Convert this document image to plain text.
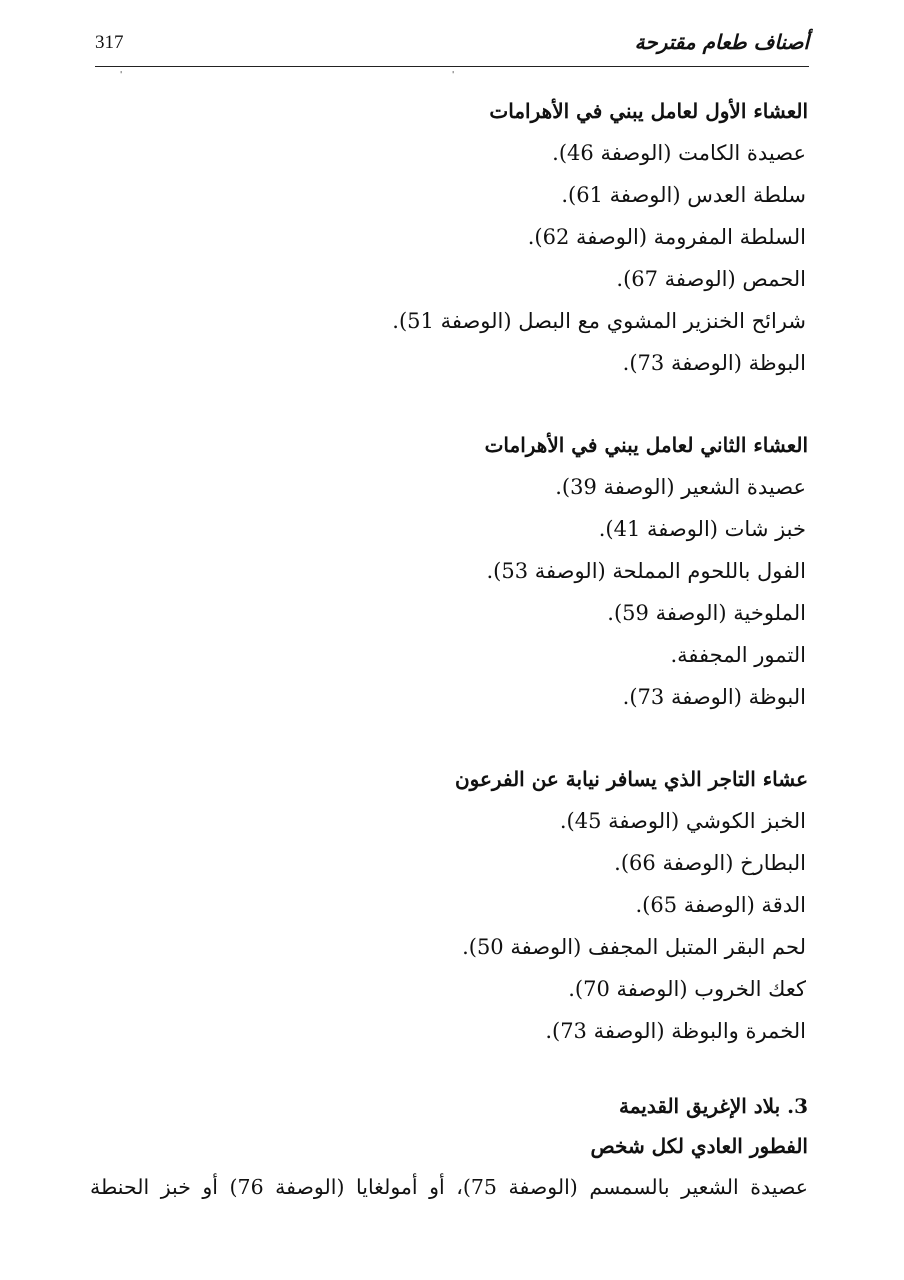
317	أصناف طعام مقترحة
'	'
العشاء الأول لعامل يبني في الأهرامات
عصيدة الكامت (الوصفة 46).
سلطة العدس (الوصفة 61).
السلطة المفرومة (الوصفة 62).
الحمص (الوصفة 67).
شرائح الخنزير المشوي مع البصل (الوصفة 51).
البوظة (الوصفة 73).
العشاء الثاني لعامل يبني في الأهرامات
عصيدة الشعير (الوصفة 39).
خبز شات (الوصفة 41).
الفول باللحوم المملحة (الوصفة 53).
الملوخية (الوصفة 59).
التمور المجففة.
البوظة (الوصفة 73).
عشاء التاجر الذي يسافر نيابة عن الفرعون
الخبز الكوشي (الوصفة 45).
البطارخ (الوصفة 66).
الدقة (الوصفة 65).
لحم البقر المتبل المجفف (الوصفة 50).
كعك الخروب (الوصفة 70).
الخمرة والبوظة (الوصفة 73).
3. بلاد الإغريق القديمة
الفطور العادي لكل شخص
عصيدة الشعير بالسمسم (الوصفة 75)، أو أمولغايا (الوصفة 76) أو خبز الحنطة
